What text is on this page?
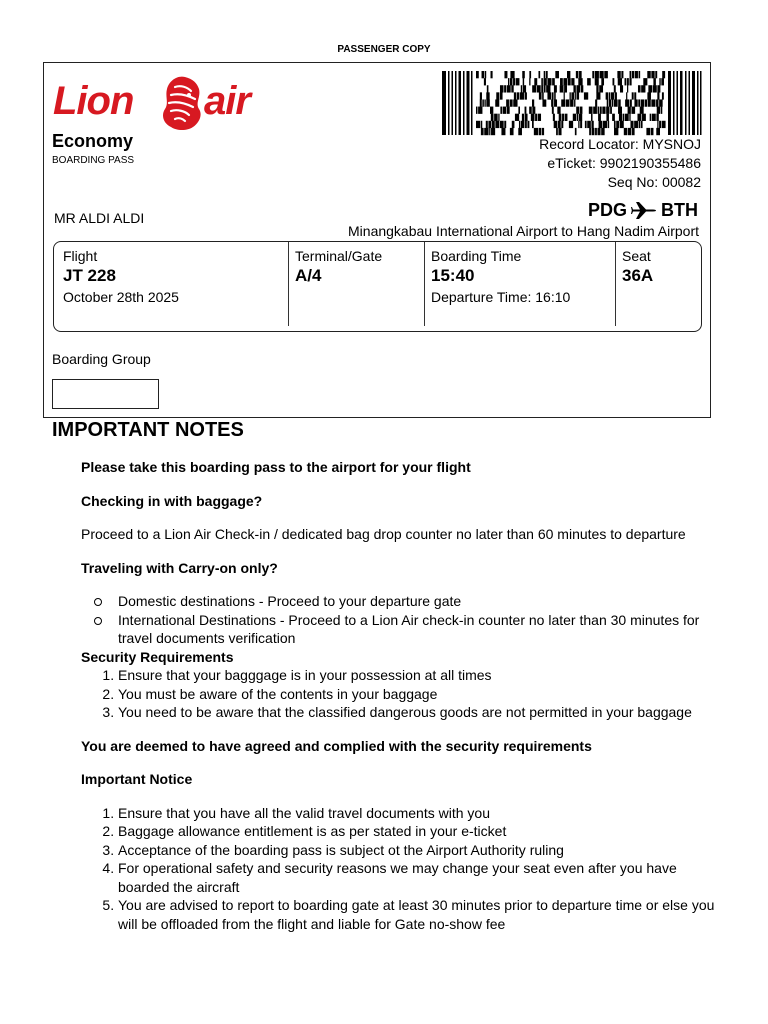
PASSENGER COPY
Lion air
Economy
BOARDING PASS
Record Locator: MYSNOJ
eTicket: 9902190355486
Seq No: 00082
MR ALDI ALDI	PDG BTH
Minangkabau International Airport to Hang Nadim Airport
Flight
JT 228
October 28th 2025
Terminal/Gate
A/4
Boarding Time
15:40
Departure Time: 16:10
Seat
36A
Boarding Group
IMPORTANT NOTES

Please take this boarding pass to the airport for your flight

Checking in with baggage?

Proceed to a Lion Air Check-in / dedicated bag drop counter no later than 60 minutes to departure

Traveling with Carry-on only?

Domestic destinations - Proceed to your departure gate
International Destinations - Proceed to a Lion Air check-in counter no later than 30 minutes for travel documents verification

Security Requirements

1. Ensure that your bagggage is in your possession at all times
2. You must be aware of the contents in your baggage
3. You need to be aware that the classified dangerous goods are not permitted in your baggage

You are deemed to have agreed and complied with the security requirements

Important Notice

1. Ensure that you have all the valid travel documents with you
2. Baggage allowance entitlement is as per stated in your e-ticket
3. Acceptance of the boarding pass is subject ot the Airport Authority ruling
4. For operational safety and security reasons we may change your seat even after you have boarded the aircraft
5. You are advised to report to boarding gate at least 30 minutes prior to departure time or else you will be offloaded from the flight and liable for Gate no-show fee
